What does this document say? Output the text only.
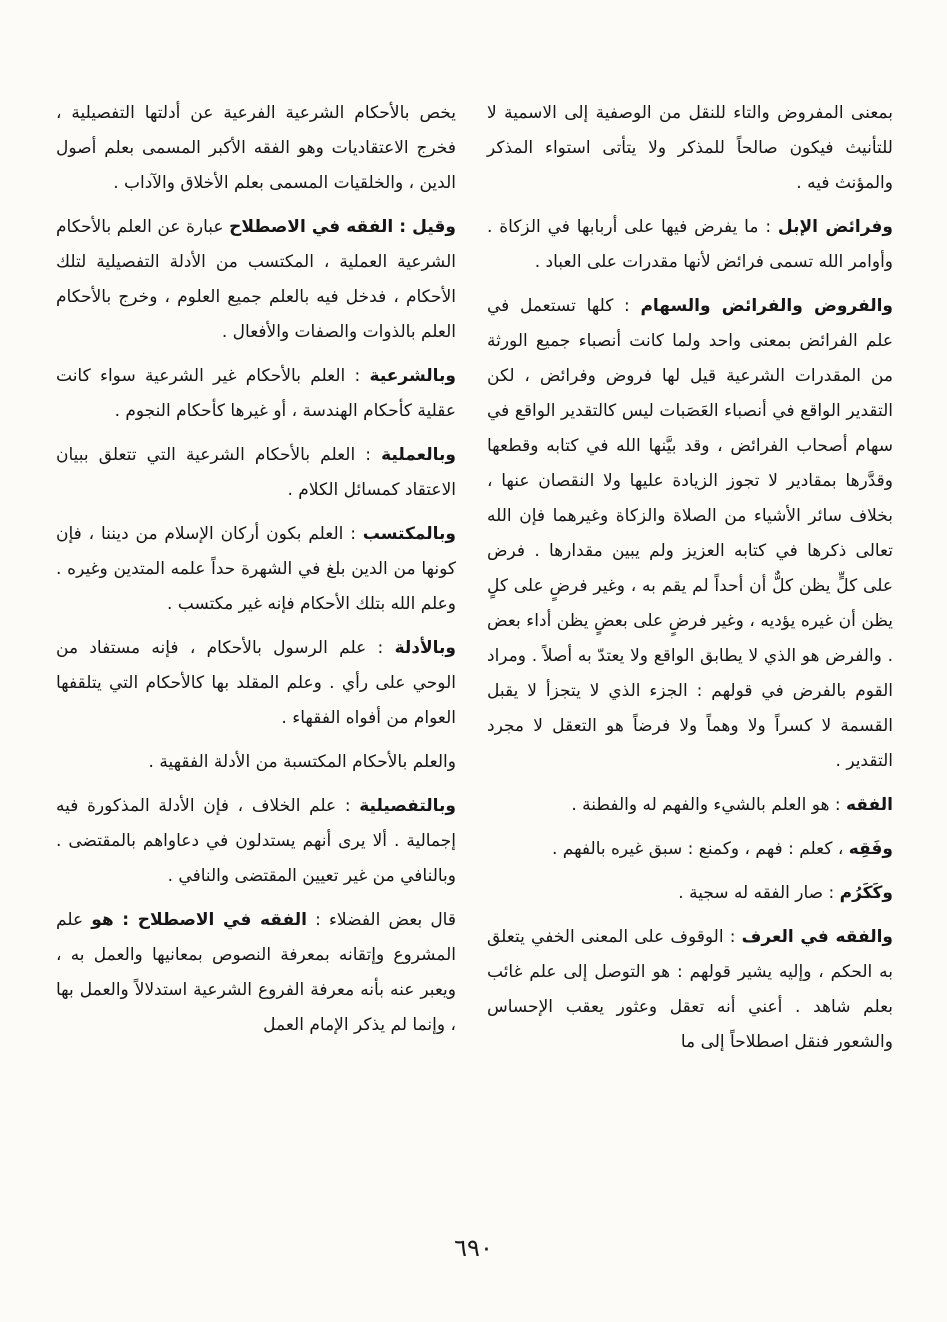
بمعنى المفروض والتاء للنقل من الوصفية إلى الاسمية لا للتأنيث فيكون صالحاً للمذكر ولا يتأتى استواء المذكر والمؤنث فيه .

وفرائض الإبل : ما يفرض فيها على أربابها في الزكاة . وأوامر الله تسمى فرائض لأنها مقدرات على العباد .

والفروض والفرائض والسهام : كلها تستعمل في علم الفرائض بمعنى واحد ولما كانت أنصباء جميع الورثة من المقدرات الشرعية قيل لها فروض وفرائض ، لكن التقدير الواقع في أنصباء العَصَبات ليس كالتقدير الواقع في سهام أصحاب الفرائض ، وقد بيَّنها الله في كتابه وقطعها وقدَّرها بمقادير لا تجوز الزيادة عليها ولا النقصان عنها ، بخلاف سائر الأشياء من الصلاة والزكاة وغيرهما فإن الله تعالى ذكرها في كتابه العزيز ولم يبين مقدارها . فرض على كلٍّ يظن كلٌّ أن أحداً لم يقم به ، وغير فرضٍ على كلٍ يظن أن غيره يؤديه ، وغير فرضٍ على بعضٍ يظن أداء بعض . والفرض هو الذي لا يطابق الواقع ولا يعتدّ به أصلاً . ومراد القوم بالفرض في قولهم : الجزء الذي لا يتجزأ لا يقبل القسمة لا كسراً ولا وهماً ولا فرضاً هو التعقل لا مجرد التقدير .

الفقه : هو العلم بالشيء والفهم له والفطنة .

وفَقِه ، كعلم : فهم ، وكمنع : سبق غيره بالفهم .

وكَكَرُم : صار الفقه له سجية .

والفقه في العرف : الوقوف على المعنى الخفي يتعلق به الحكم ، وإليه يشير قولهم : هو التوصل إلى علم غائب بعلم شاهد . أعني أنه تعقل وعثور يعقب الإحساس والشعور فنقل اصطلاحاً إلى ما

يخص بالأحكام الشرعية الفرعية عن أدلتها التفصيلية ، فخرج الاعتقاديات وهو الفقه الأكبر المسمى بعلم أصول الدين ، والخلقيات المسمى بعلم الأخلاق والآداب .

وقيل : الفقه في الاصطلاح عبارة عن العلم بالأحكام الشرعية العملية ، المكتسب من الأدلة التفصيلية لتلك الأحكام ، فدخل فيه بالعلم جميع العلوم ، وخرج بالأحكام العلم بالذوات والصفات والأفعال .

وبالشرعية : العلم بالأحكام غير الشرعية سواء كانت عقلية كأحكام الهندسة ، أو غيرها كأحكام النجوم .

وبالعملية : العلم بالأحكام الشرعية التي تتعلق ببيان الاعتقاد كمسائل الكلام .

وبالمكتسب : العلم بكون أركان الإسلام من ديننا ، فإن كونها من الدين بلغ في الشهرة حداً علمه المتدين وغيره . وعلم الله بتلك الأحكام فإنه غير مكتسب .

وبالأدلة : علم الرسول بالأحكام ، فإنه مستفاد من الوحي على رأي . وعلم المقلد بها كالأحكام التي يتلقفها العوام من أفواه الفقهاء .

والعلم بالأحكام المكتسبة من الأدلة الفقهية .

وبالتفصيلية : علم الخلاف ، فإن الأدلة المذكورة فيه إجمالية . ألا يرى أنهم يستدلون في دعاواهم بالمقتضى . وبالنافي من غير تعيين المقتضى والنافي .

قال بعض الفضلاء : الفقه في الاصطلاح : هو علم المشروع وإتقانه بمعرفة النصوص بمعانيها والعمل به ، ويعبر عنه بأنه معرفة الفروع الشرعية استدلالاً والعمل بها ، وإنما لم يذكر الإمام العمل

٦٩٠
